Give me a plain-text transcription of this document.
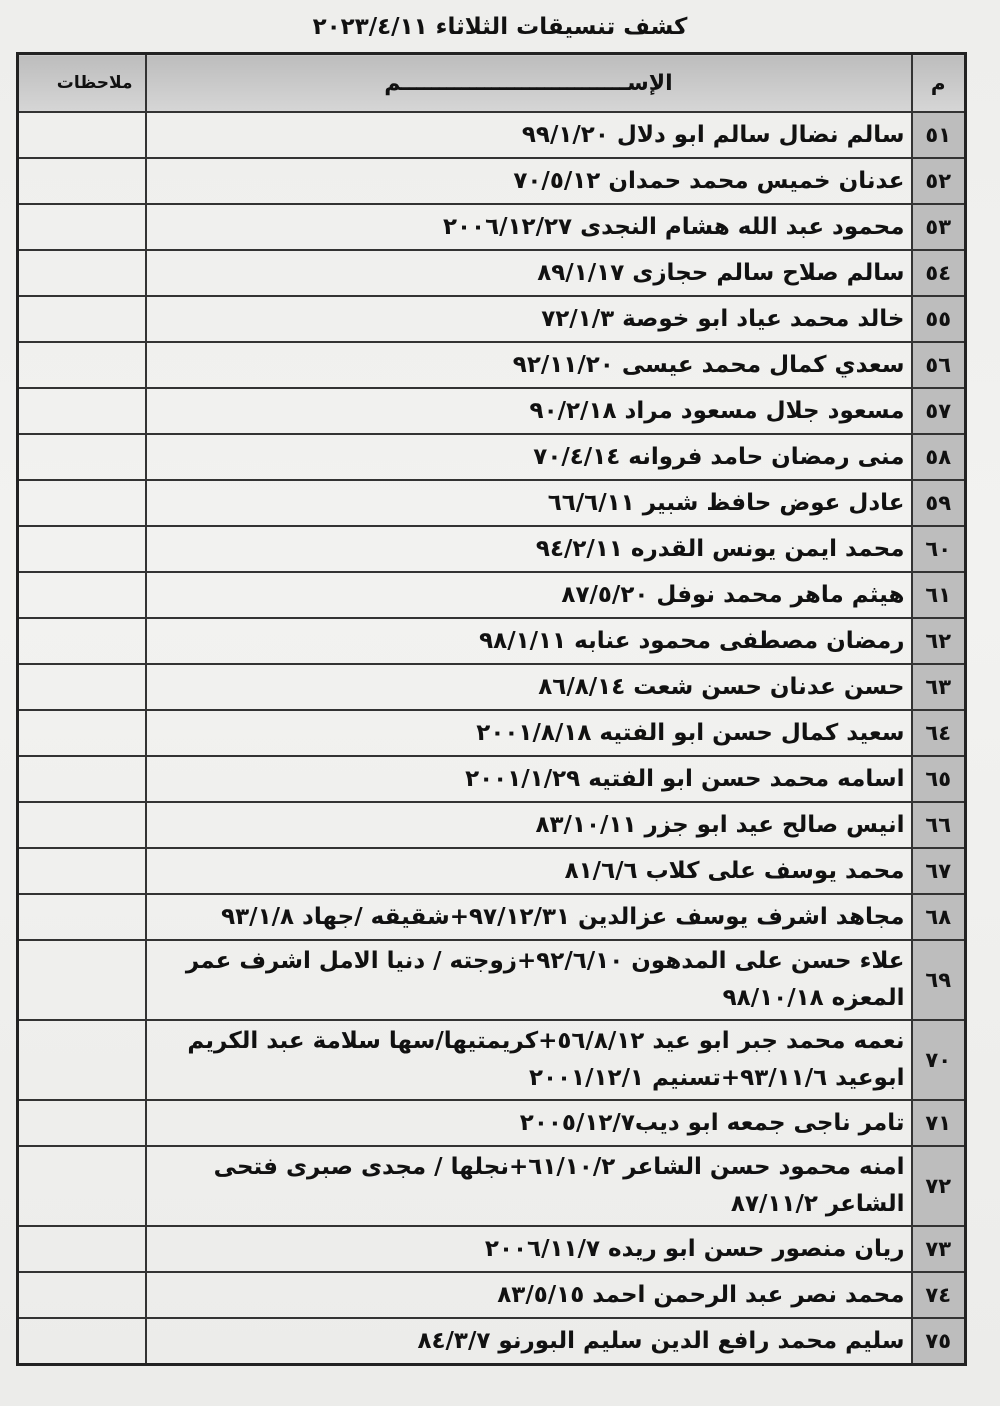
كشف تنسيقات الثلاثاء ٢٠٢٣/٤/١١
م	الإســــــــــــــــــــــــــــــم	ملاحظات
٥١	سالم نضال سالم ابو دلال ٩٩/١/٢٠	
٥٢	عدنان خميس محمد حمدان ٧٠/٥/١٢	
٥٣	محمود عبد الله هشام النجدى ٢٠٠٦/١٢/٢٧	
٥٤	سالم صلاح سالم حجازى ٨٩/١/١٧	
٥٥	خالد محمد عياد ابو خوصة ٧٢/١/٣	
٥٦	سعدي كمال محمد عيسى ٩٢/١١/٢٠	
٥٧	مسعود جلال مسعود مراد ٩٠/٢/١٨	
٥٨	منى رمضان حامد فروانه ٧٠/٤/١٤	
٥٩	عادل عوض حافظ شبير ٦٦/٦/١١	
٦٠	محمد ايمن يونس القدره ٩٤/٢/١١	
٦١	هيثم ماهر محمد نوفل ٨٧/٥/٢٠	
٦٢	رمضان مصطفى محمود عنابه ٩٨/١/١١	
٦٣	حسن عدنان حسن شعت ٨٦/٨/١٤	
٦٤	سعيد كمال حسن ابو الفتيه ٢٠٠١/٨/١٨	
٦٥	اسامه محمد حسن ابو الفتيه ٢٠٠١/١/٢٩	
٦٦	انيس صالح عيد ابو جزر ٨٣/١٠/١١	
٦٧	محمد يوسف على كلاب ٨١/٦/٦	
٦٨	مجاهد اشرف يوسف عزالدين ٩٧/١٢/٣١+شقيقه /جهاد ٩٣/١/٨	
٦٩	علاء حسن على المدهون ٩٢/٦/١٠+زوجته / دنيا الامل اشرف عمر المعزه ٩٨/١٠/١٨	
٧٠	نعمه محمد جبر ابو عيد ٥٦/٨/١٢+كريمتيها/سها سلامة عبد الكريم ابوعيد ٩٣/١١/٦+تسنيم ٢٠٠١/١٢/١	
٧١	تامر ناجى جمعه ابو ديب٢٠٠٥/١٢/٧	
٧٢	امنه محمود حسن الشاعر ٦١/١٠/٢+نجلها / مجدى صبرى فتحى الشاعر ٨٧/١١/٢	
٧٣	ريان منصور حسن ابو ريده ٢٠٠٦/١١/٧	
٧٤	محمد نصر عبد الرحمن احمد ٨٣/٥/١٥	
٧٥	سليم محمد رافع الدين سليم البورنو ٨٤/٣/٧	
